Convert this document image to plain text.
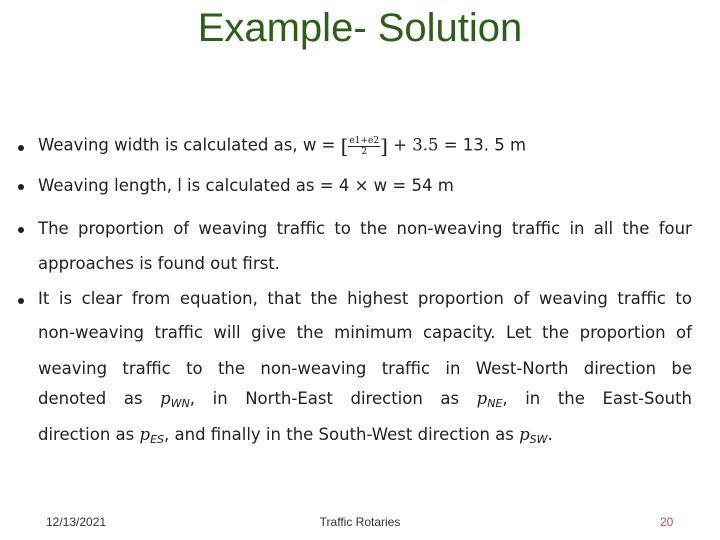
Example- Solution
Weaving width is calculated as, w = [ $\frac{e1+e2}{2}$ ] + 3.5 = 13. 5 m
Weaving length, l is calculated as = 4 × w = 54 m
The proportion of weaving traffic to the non-weaving traffic in all the four
approaches is found out first.
It is clear from equation, that the highest proportion of weaving traffic to
non-weaving traffic will give the minimum capacity. Let the proportion of
weaving traffic to the non-weaving traffic in West-North direction be
denoted as $p_{WN}$, in North-East direction as $p_{NE}$, in the East-South
direction as $p_{ES}$, and finally in the South-West direction as $p_{SW}$.
12/13/2021	Traffic Rotaries	20
